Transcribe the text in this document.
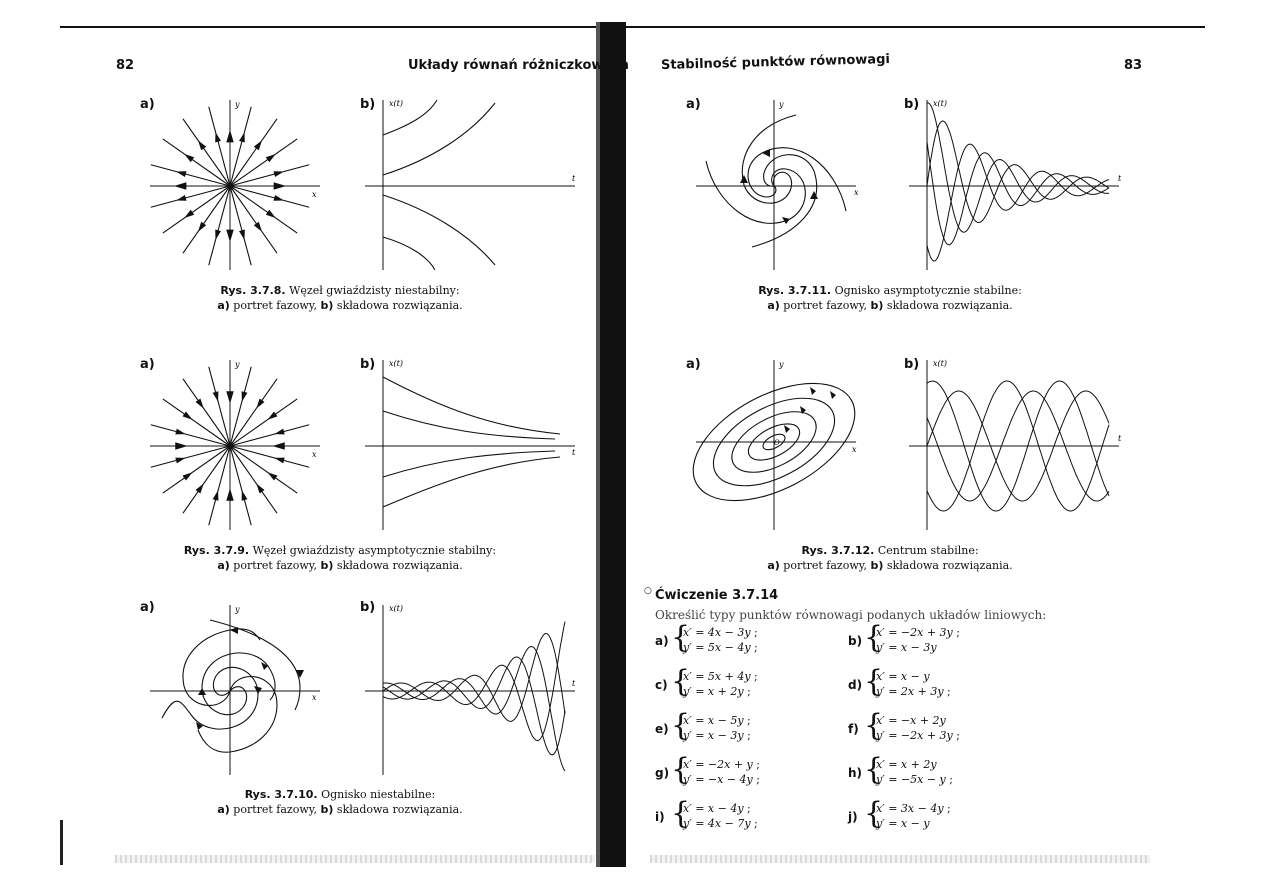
82	Układy równań różniczkowych Stabilność punktów równowagi	83
a)	b)
a)	b)
a)	b)
a)	b)
a)	b)
x
y
t
x(t)
Rys. 3.7.8. Węzeł gwiaździsty niestabilny:
a) portret fazowy, b) składowa rozwiązania.
x
y
t
x(t)
Rys. 3.7.9. Węzeł gwiaździsty asymptotycznie stabilny:
a) portret fazowy, b) składowa rozwiązania.
x
y
t
x(t)
Rys. 3.7.10. Ognisko niestabilne:
a) portret fazowy, b) składowa rozwiązania.
x
y
t
x(t)
Rys. 3.7.11. Ognisko asymptotycznie stabilne:
a) portret fazowy, b) składowa rozwiązania.
x
y
O	t
x(t)
Rys. 3.7.12. Centrum stabilne:
a) portret fazowy, b) składowa rozwiązania.
○ Ćwiczenie 3.7.14
Określić typy punktów równowagi podanych układów liniowych:
a) {
x′ = 4x − 3y ;
y′ = 5x − 4y ;	b) {
x′ = −2x + 3y ;
y′ = x − 3y
c) {
x′ = 5x + 4y ;
y′ = x + 2y ;	d) {
x′ = x − y
y′ = 2x + 3y ;
e) {
x′ = x − 5y ;
y′ = x − 3y ;	f) {
x′ = −x + 2y
y′ = −2x + 3y ;
g) {
x′ = −2x + y ;
y′ = −x − 4y ;	h) {
x′ = x + 2y
y′ = −5x − y ;
i) {
x′ = x − 4y ;
y′ = 4x − 7y ;	j) {
x′ = 3x − 4y ;
y′ = x − y
